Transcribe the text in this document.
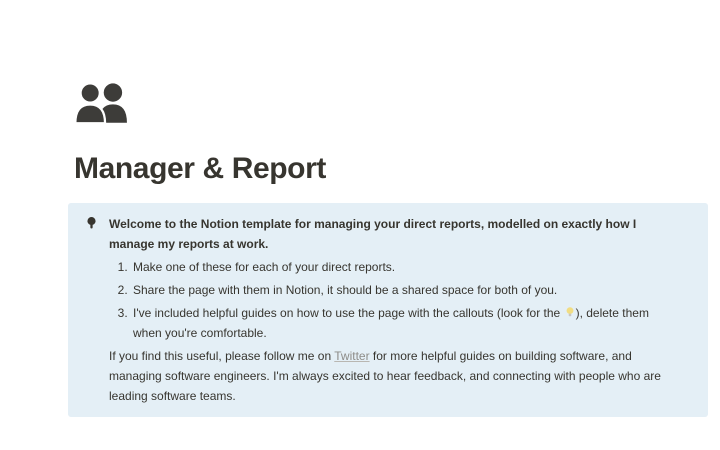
Manager & Report

Welcome to the Notion template for managing your direct reports, modelled on exactly how I manage my reports at work.

1. Make one of these for each of your direct reports.
2. Share the page with them in Notion, it should be a shared space for both of you.
3. I've included helpful guides on how to use the page with the callouts (look for the ), delete them when you're comfortable.

If you find this useful, please follow me on Twitter for more helpful guides on building software, and managing software engineers. I'm always excited to hear feedback, and connecting with people who are leading software teams.
